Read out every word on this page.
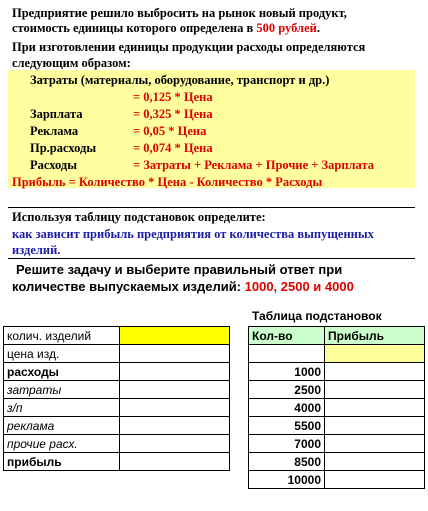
Предприятие решило выбросить на рынок новый продукт,
стоимость единицы которого определена в 500 рублей.
При изготовлении единицы продукции расходы определяются
следующим образом:
Затраты (материалы, оборудование, транспорт и др.)
= 0,125 * Цена
Зарплата	= 0,325 * Цена
Реклама	= 0,05 * Цена
Пр.расходы	= 0,074 * Цена
Расходы	= Затраты + Реклама + Прочие + Зарплата
Прибыль = Количество * Цена - Количество * Расходы
Используя таблицу подстановок определите:
как зависит прибыль предприятия от количества выпущенных
изделий.
Решите задачу и выберите правильный ответ при
количестве выпускаемых изделий: 1000, 2500 и 4000
колич. изделий	
цена изд.	
расходы	
затраты	
з/п	
реклама	
прочие расх.	
прибыль	
Таблица подстановок
Кол-во	Прибыль

1000	
2500	
4000	
5500	
7000	
8500	
10000	
